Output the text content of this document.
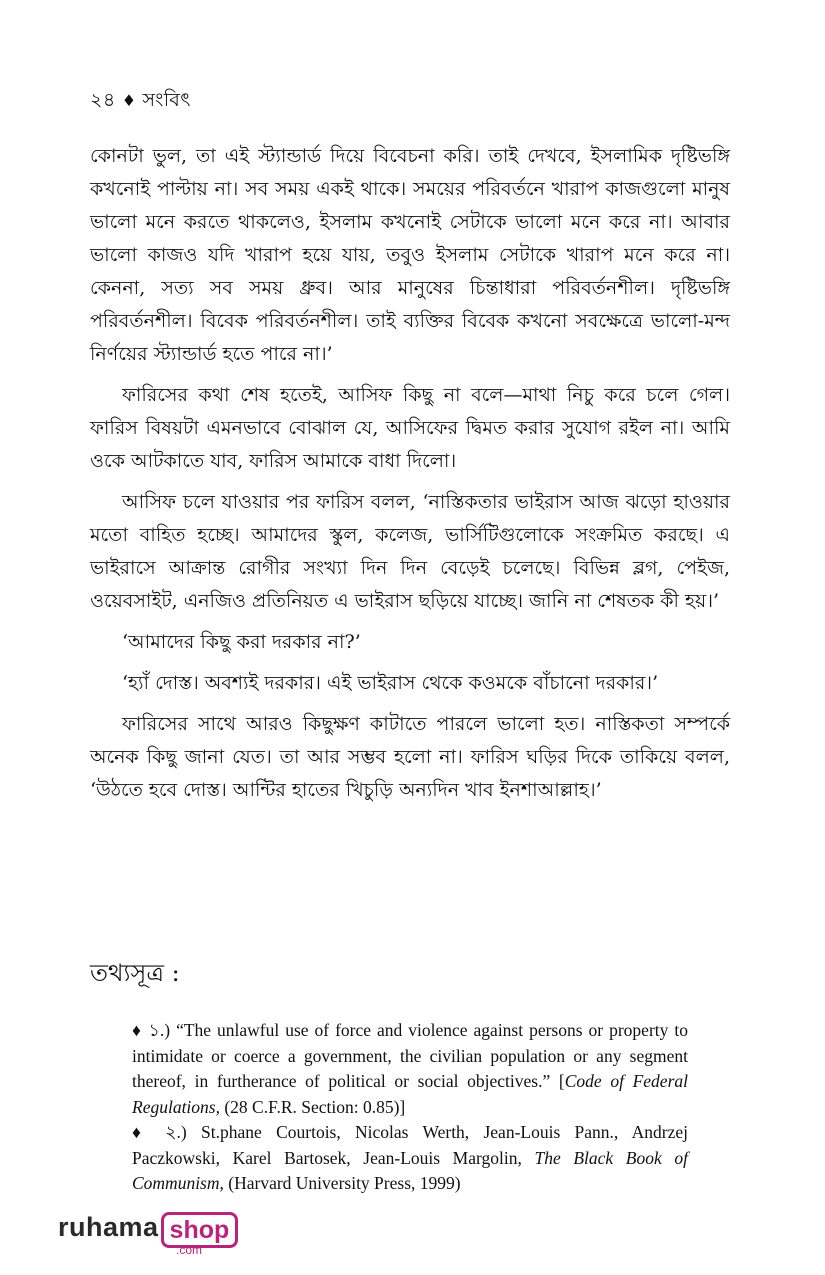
২৪ ♦ সংবিৎ

কোনটা ভুল, তা এই স্ট্যান্ডার্ড দিয়ে বিবেচনা করি। তাই দেখবে, ইসলামিক দৃষ্টিভঙ্গি কখনোই পাল্টায় না। সব সময় একই থাকে। সময়ের পরিবর্তনে খারাপ কাজগুলো মানুষ ভালো মনে করতে থাকলেও, ইসলাম কখনোই সেটাকে ভালো মনে করে না। আবার ভালো কাজও যদি খারাপ হয়ে যায়, তবুও ইসলাম সেটাকে খারাপ মনে করে না। কেননা, সত্য সব সময় ধ্রুব। আর মানুষের চিন্তাধারা পরিবর্তনশীল। দৃষ্টিভঙ্গি পরিবর্তনশীল। বিবেক পরিবর্তনশীল। তাই ব্যক্তির বিবেক কখনো সবক্ষেত্রে ভালো-মন্দ নির্ণয়ের স্ট্যান্ডার্ড হতে পারে না।’

ফারিসের কথা শেষ হতেই, আসিফ কিছু না বলে—মাথা নিচু করে চলে গেল। ফারিস বিষয়টা এমনভাবে বোঝাল যে, আসিফের দ্বিমত করার সুযোগ রইল না। আমি ওকে আটকাতে যাব, ফারিস আমাকে বাধা দিলো।

আসিফ চলে যাওয়ার পর ফারিস বলল, ‘নাস্তিকতার ভাইরাস আজ ঝড়ো হাওয়ার মতো বাহিত হচ্ছে। আমাদের স্কুল, কলেজ, ভার্সিটিগুলোকে সংক্রমিত করছে। এ ভাইরাসে আক্রান্ত রোগীর সংখ্যা দিন দিন বেড়েই চলেছে। বিভিন্ন ব্লগ, পেইজ, ওয়েবসাইট, এনজিও প্রতিনিয়ত এ ভাইরাস ছড়িয়ে যাচ্ছে। জানি না শেষতক কী হয়।’

‘আমাদের কিছু করা দরকার না?’

‘হ্যাঁ দোস্ত। অবশ্যই দরকার। এই ভাইরাস থেকে কওমকে বাঁচানো দরকার।’

ফারিসের সাথে আরও কিছুক্ষণ কাটাতে পারলে ভালো হত। নাস্তিকতা সম্পর্কে অনেক কিছু জানা যেত। তা আর সম্ভব হলো না। ফারিস ঘড়ির দিকে তাকিয়ে বলল, ‘উঠতে হবে দোস্ত। আন্টির হাতের খিচুড়ি অন্যদিন খাব ইনশাআল্লাহ।’

তথ্যসূত্র :

♦ ১.) “The unlawful use of force and violence against persons or property to intimidate or coerce a government, the civilian population or any segment thereof, in furtherance of political or social objectives.” [Code of Federal Regulations, (28 C.F.R. Section: 0.85)]

♦ ২.) St.phane Courtois, Nicolas Werth, Jean-Louis Pann., Andrzej Paczkowski, Karel Bartosek, Jean-Louis Margolin, The Black Book of Communism, (Harvard University Press, 1999)

ruhama shop
.com
